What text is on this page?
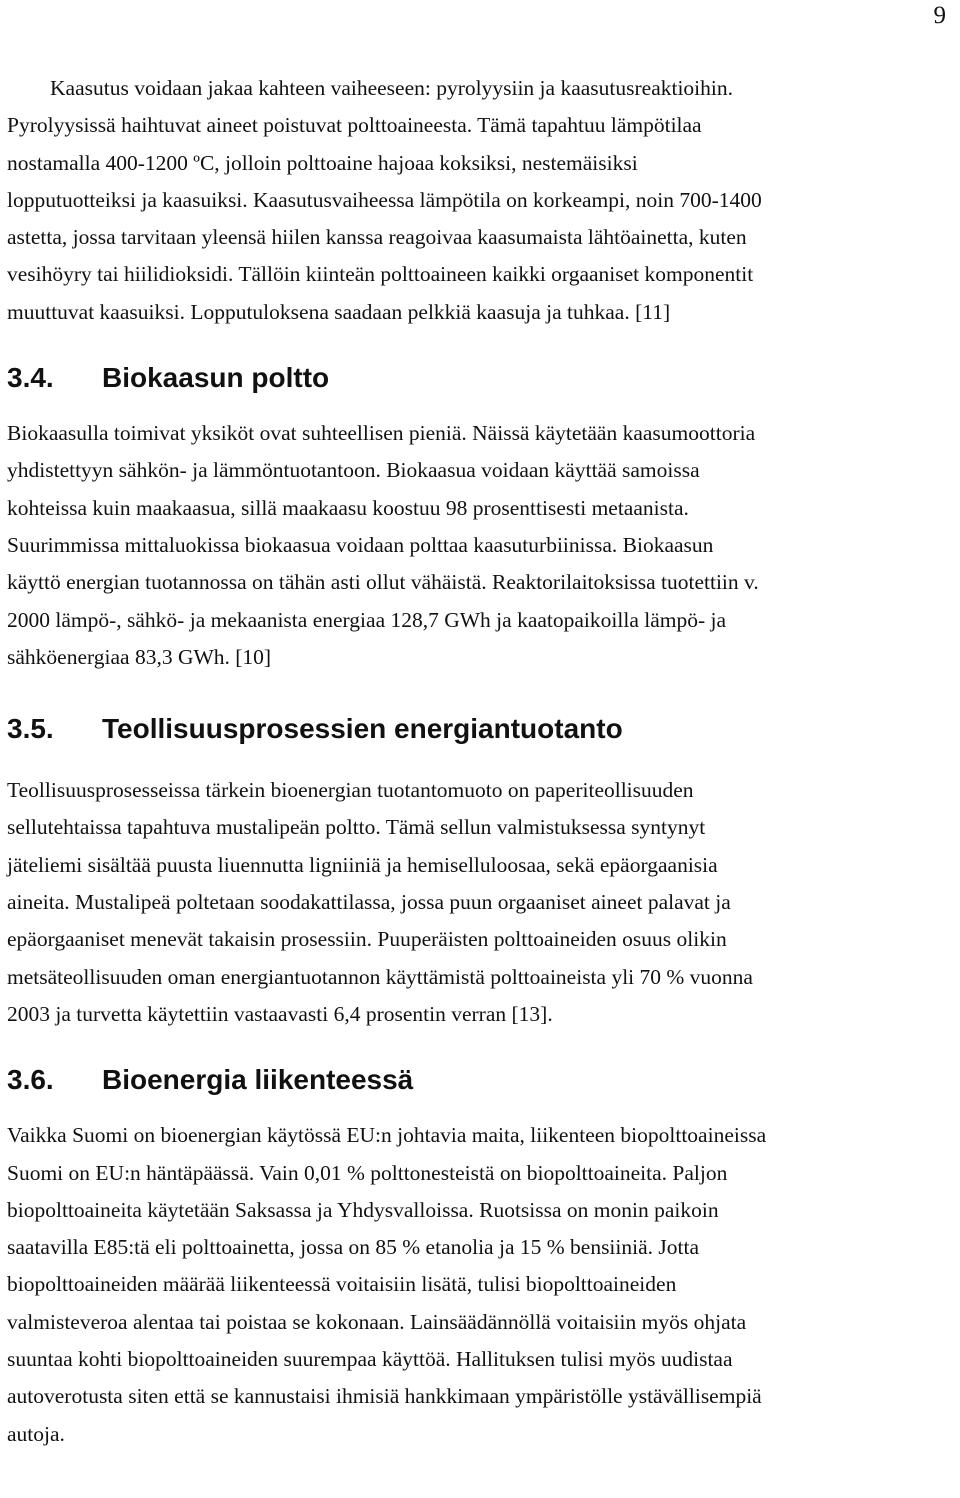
9

Kaasutus voidaan jakaa kahteen vaiheeseen: pyrolyysiin ja kaasutusreaktioihin.
Pyrolyysissä haihtuvat aineet poistuvat polttoaineesta. Tämä tapahtuu lämpötilaa
nostamalla 400-1200 ºC, jolloin polttoaine hajoaa koksiksi, nestemäisiksi
lopputuotteiksi ja kaasuiksi. Kaasutusvaiheessa lämpötila on korkeampi, noin 700-1400
astetta, jossa tarvitaan yleensä hiilen kanssa reagoivaa kaasumaista lähtöainetta, kuten
vesihöyry tai hiilidioksidi. Tällöin kiinteän polttoaineen kaikki orgaaniset komponentit
muuttuvat kaasuiksi. Lopputuloksena saadaan pelkkiä kaasuja ja tuhkaa. [11]

3.4.	Biokaasun poltto

Biokaasulla toimivat yksiköt ovat suhteellisen pieniä. Näissä käytetään kaasumoottoria
yhdistettyyn sähkön- ja lämmöntuotantoon. Biokaasua voidaan käyttää samoissa
kohteissa kuin maakaasua, sillä maakaasu koostuu 98 prosenttisesti metaanista.
Suurimmissa mittaluokissa biokaasua voidaan polttaa kaasuturbiinissa. Biokaasun
käyttö energian tuotannossa on tähän asti ollut vähäistä. Reaktorilaitoksissa tuotettiin v.
2000 lämpö-, sähkö- ja mekaanista energiaa 128,7 GWh ja kaatopaikoilla lämpö- ja
sähköenergiaa 83,3 GWh. [10]

3.5.	Teollisuusprosessien energiantuotanto

Teollisuusprosesseissa tärkein bioenergian tuotantomuoto on paperiteollisuuden
sellutehtaissa tapahtuva mustalipeän poltto. Tämä sellun valmistuksessa syntynyt
jäteliemi sisältää puusta liuennutta ligniiniä ja hemiselluloosaa, sekä epäorgaanisia
aineita. Mustalipeä poltetaan soodakattilassa, jossa puun orgaaniset aineet palavat ja
epäorgaaniset menevät takaisin prosessiin. Puuperäisten polttoaineiden osuus olikin
metsäteollisuuden oman energiantuotannon käyttämistä polttoaineista yli 70 % vuonna
2003 ja turvetta käytettiin vastaavasti 6,4 prosentin verran [13].

3.6.	Bioenergia liikenteessä

Vaikka Suomi on bioenergian käytössä EU:n johtavia maita, liikenteen biopolttoaineissa
Suomi on EU:n häntäpäässä. Vain 0,01 % polttonesteistä on biopolttoaineita. Paljon
biopolttoaineita käytetään Saksassa ja Yhdysvalloissa. Ruotsissa on monin paikoin
saatavilla E85:tä eli polttoainetta, jossa on 85 % etanolia ja 15 % bensiiniä. Jotta
biopolttoaineiden määrää liikenteessä voitaisiin lisätä, tulisi biopolttoaineiden
valmisteveroa alentaa tai poistaa se kokonaan. Lainsäädännöllä voitaisiin myös ohjata
suuntaa kohti biopolttoaineiden suurempaa käyttöä. Hallituksen tulisi myös uudistaa
autoverotusta siten että se kannustaisi ihmisiä hankkimaan ympäristölle ystävällisempiä
autoja.
